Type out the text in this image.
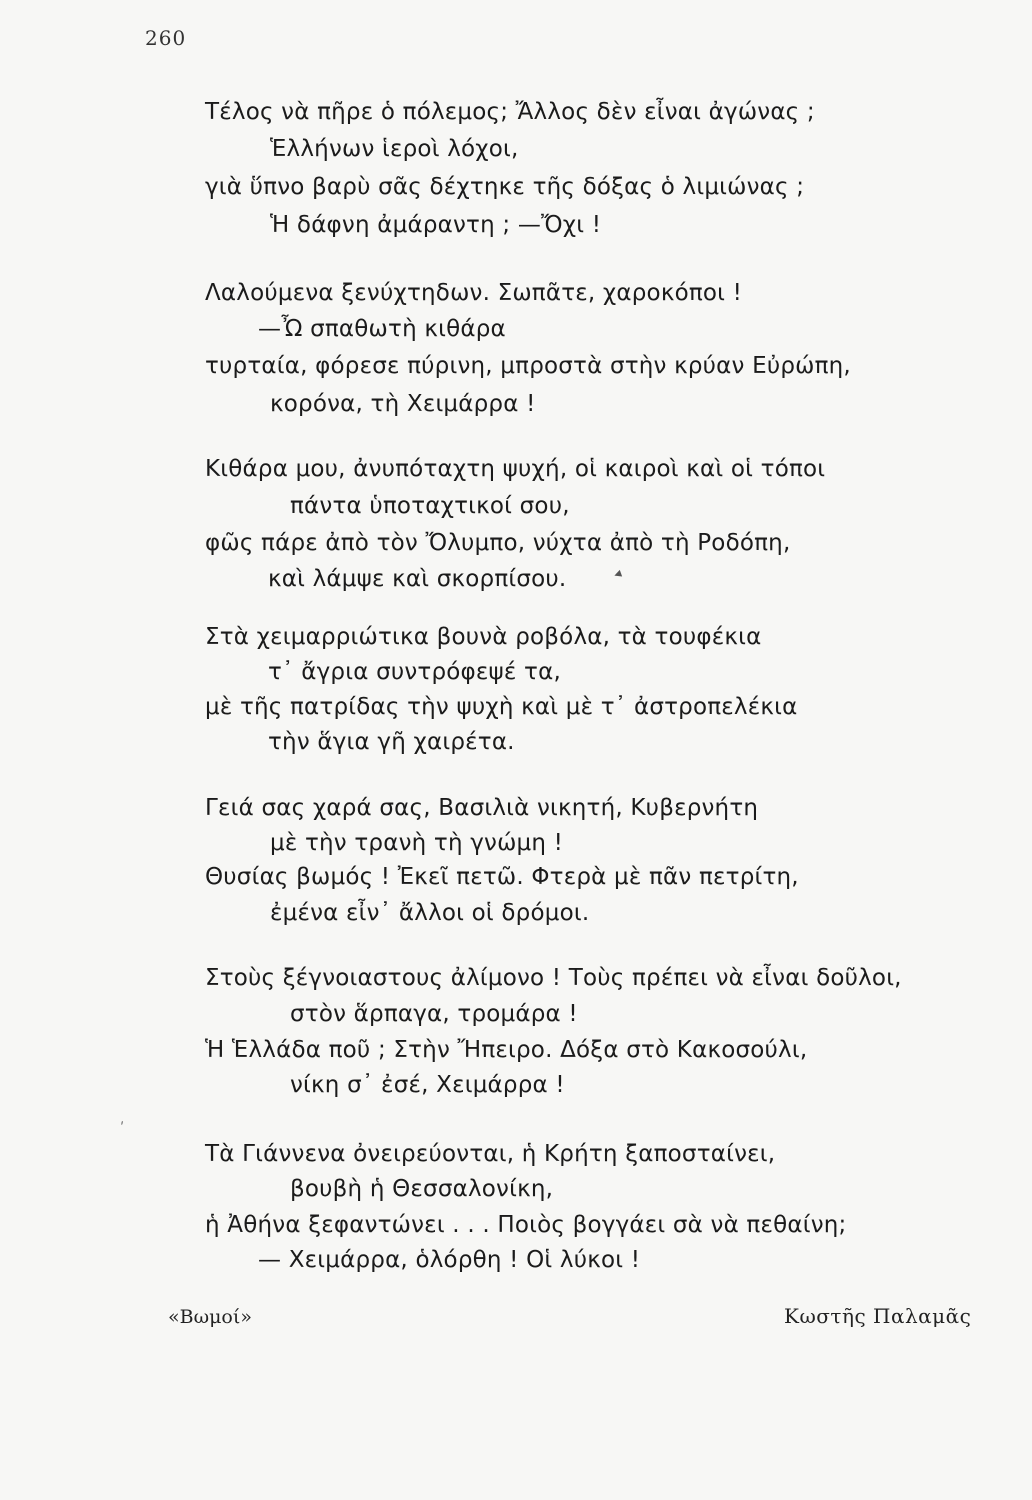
260
Τέλος νὰ πῆρε ὁ πόλεμος; Ἄλλος δὲν εἶναι ἀγώνας ;
Ἑλλήνων ἱεροὶ λόχοι,
γιὰ ὕπνο βαρὺ σᾶς δέχτηκε τῆς δόξας ὁ λιμιώνας ;
Ἡ δάφνη ἀμάραντη ; —Ὄχι !
Λαλούμενα ξενύχτηδων. Σωπᾶτε, χαροκόποι !
—Ὦ σπαθωτὴ κιθάρα
τυρταία, φόρεσε πύρινη, μπροστὰ στὴν κρύαν Εὐρώπη,
κορόνα, τὴ Χειμάρρα !
Κιθάρα μου, ἀνυπόταχτη ψυχή, οἱ καιροὶ καὶ οἱ τόποι
πάντα ὑποταχτικοί σου,
φῶς πάρε ἀπὸ τὸν Ὄλυμπο, νύχτα ἀπὸ τὴ Ροδόπη,
καὶ λάμψε καὶ σκορπίσου.
Στὰ χειμαρριώτικα βουνὰ ροβόλα, τὰ τουφέκια
τ᾽ ἄγρια συντρόφεψέ τα,
μὲ τῆς πατρίδας τὴν ψυχὴ καὶ μὲ τ᾽ ἀστροπελέκια
τὴν ἅγια γῆ χαιρέτα.
Γειά σας χαρά σας, Βασιλιὰ νικητή, Κυβερνήτη
μὲ τὴν τρανὴ τὴ γνώμη !
Θυσίας βωμός ! Ἐκεῖ πετῶ. Φτερὰ μὲ πᾶν πετρίτη,
ἐμένα εἶν᾽ ἄλλοι οἱ δρόμοι.
Στοὺς ξέγνοιαστους ἀλίμονο ! Τοὺς πρέπει νὰ εἶναι δοῦλοι,
στὸν ἅρπαγα, τρομάρα !
Ἡ Ἑλλάδα ποῦ ; Στὴν Ἤπειρο. Δόξα στὸ Κακοσούλι,
νίκη σ᾽ ἐσέ, Χειμάρρα !
Τὰ Γιάννενα ὀνειρεύονται, ἡ Κρήτη ξαποσταίνει,
βουβὴ ἡ Θεσσαλονίκη,
ἡ Ἀθήνα ξεφαντώνει . . . Ποιὸς βογγάει σὰ νὰ πεθαίνη;
— Χειμάρρα, ὁλόρθη ! Οἱ λύκοι !
«Βωμοί»	Κωστῆς Παλαμᾶς
◂
ˏ
